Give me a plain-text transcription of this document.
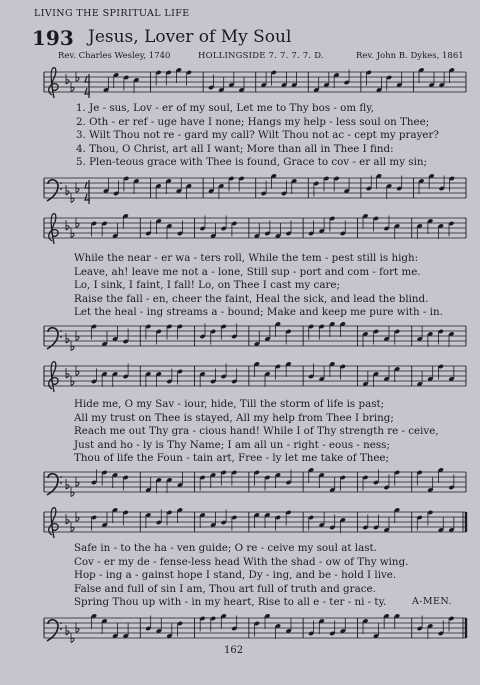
LIVING THE SPIRITUAL LIFE
193 Jesus, Lover of My Soul
Rev. Charles Wesley, 1740	HOLLINGSIDE 7. 7. 7. 7. D.	Rev. John B. Dykes, 1861
1. Je - sus, Lov - er of my soul, Let me to Thy bos - om fly,
2. Oth - er ref - uge have I none; Hangs my help - less soul on Thee;
3. Wilt Thou not re - gard my call? Wilt Thou not ac - cept my prayer?
4. Thou, O Christ, art all I want; More than all in Thee I find:
5. Plen-teous grace with Thee is found, Grace to cov - er all my sin;
While the near - er wa - ters roll, While the tem - pest still is high:
Leave, ah! leave me not a - lone, Still sup - port and com - fort me.
Lo, I sink, I faint, I fall! Lo, on Thee I cast my care;
Raise the fall - en, cheer the faint, Heal the sick, and lead the blind.
Let the heal - ing streams a - bound; Make and keep me pure with - in.
Hide me, O my Sav - iour, hide, Till the storm of life is past;
All my trust on Thee is stayed, All my help from Thee I bring;
Reach me out Thy gra - cious hand! While I of Thy strength re - ceive,
Just and ho - ly is Thy Name; I am all un - right - eous - ness;
Thou of life the Foun - tain art, Free - ly let me take of Thee;
Safe in - to the ha - ven guide; O re - ceive my soul at last.
Cov - er my de - fense-less head With the shad - ow of Thy wing.
Hop - ing a - gainst hope I stand, Dy - ing, and be - hold I live.
False and full of sin I am, Thou art full of truth and grace.
Spring Thou up with - in my heart, Rise to all e - ter - ni - ty.	A-MEN.
162
